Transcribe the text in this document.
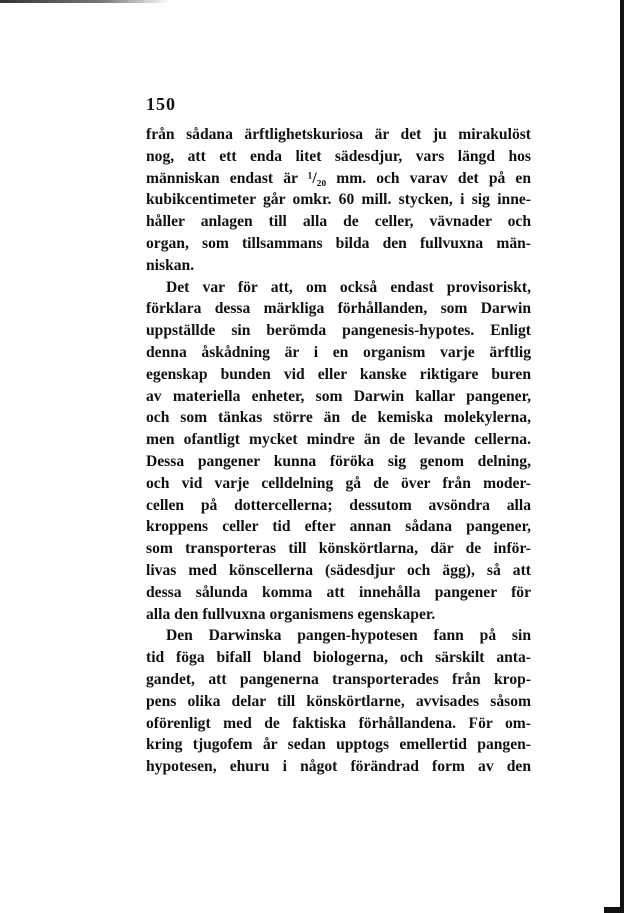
150
från sådana ärftlighetskuriosa är det ju mirakulöst
nog, att ett enda litet sädesdjur, vars längd hos
människan endast är ¹/₂₀ mm. och varav det på en
kubikcentimeter går omkr. 60 mill. stycken, i sig inne-
håller anlagen till alla de celler, vävnader och
organ, som tillsammans bilda den fullvuxna män-
niskan.
Det var för att, om också endast provisoriskt,
förklara dessa märkliga förhållanden, som Darwin
uppställde sin berömda pangenesis-hypotes. Enligt
denna åskådning är i en organism varje ärftlig
egenskap bunden vid eller kanske riktigare buren
av materiella enheter, som Darwin kallar pangener,
och som tänkas större än de kemiska molekylerna,
men ofantligt mycket mindre än de levande cellerna.
Dessa pangener kunna föröka sig genom delning,
och vid varje celldelning gå de över från moder-
cellen på dottercellerna; dessutom avsöndra alla
kroppens celler tid efter annan sådana pangener,
som transporteras till könskörtlarna, där de inför-
livas med könscellerna (sädesdjur och ägg), så att
dessa sålunda komma att innehålla pangener för
alla den fullvuxna organismens egenskaper.
Den Darwinska pangen-hypotesen fann på sin
tid föga bifall bland biologerna, och särskilt anta-
gandet, att pangenerna transporterades från krop-
pens olika delar till könskörtlarne, avvisades såsom
oförenligt med de faktiska förhållandena. För om-
kring tjugofem år sedan upptogs emellertid pangen-
hypotesen, ehuru i något förändrad form av den
